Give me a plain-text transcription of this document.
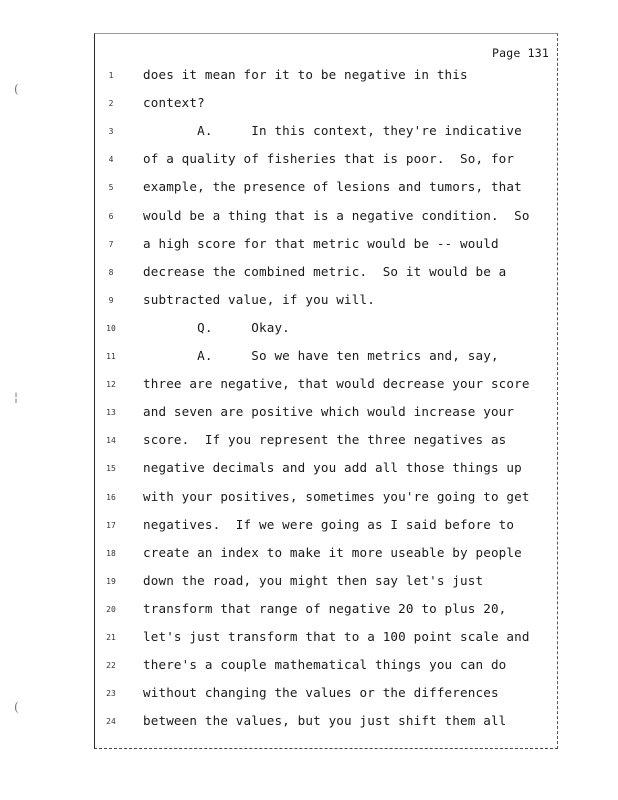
(
¦
(
Page 131
1	does it mean for it to be negative in this
2	context?
3	A.     In this context, they're indicative
4	of a quality of fisheries that is poor.  So, for
5	example, the presence of lesions and tumors, that
6	would be a thing that is a negative condition.  So
7	a high score for that metric would be -- would
8	decrease the combined metric.  So it would be a
9	subtracted value, if you will.
10 Q.     Okay.
11 A.     So we have ten metrics and, say,
12 three are negative, that would decrease your score
13 and seven are positive which would increase your
14 score.  If you represent the three negatives as
15 negative decimals and you add all those things up
16 with your positives, sometimes you're going to get
17 negatives.  If we were going as I said before to
18 create an index to make it more useable by people
19 down the road, you might then say let's just
20 transform that range of negative 20 to plus 20,
21 let's just transform that to a 100 point scale and
22 there's a couple mathematical things you can do
23 without changing the values or the differences
24 between the values, but you just shift them all
